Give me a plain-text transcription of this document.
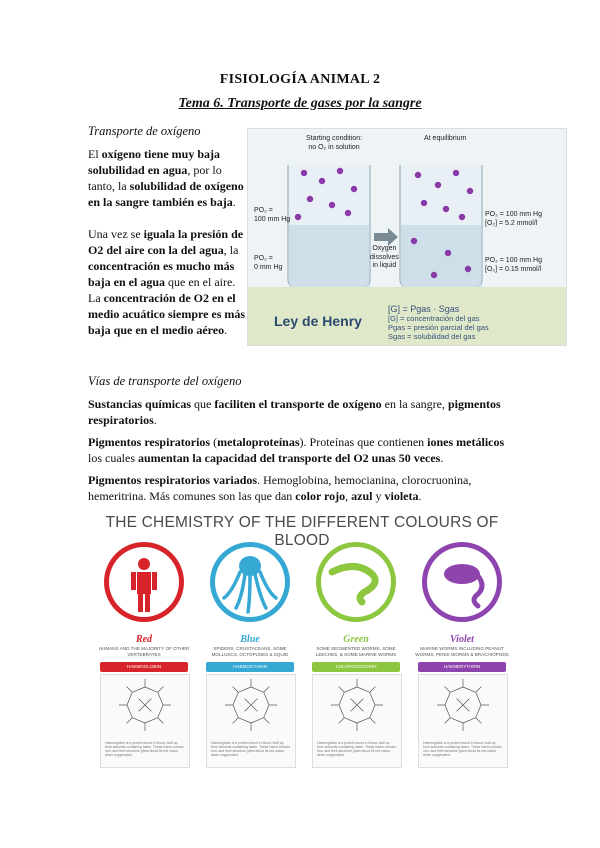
FISIOLOGÍA ANIMAL 2
Tema 6. Transporte de gases por la sangre
Transporte de oxígeno
El oxígeno tiene muy baja solubilidad en agua, por lo tanto, la solubilidad de oxígeno en la sangre también es baja.
Una vez se iguala la presión de O2 del aire con la del agua, la concentración es mucho más baja en el agua que en el aire. La concentración de O2 en el medio acuático siempre es más baja que en el medio aéreo.
Starting condition:
no O₂ in solution
At equilibrium
PO₂ =
100 mm Hg
PO₂ =
0 mm Hg
Oxygen
dissolves
in liquid
PO₂ = 100 mm Hg
[O₂] = 5.2 mmol/l
PO₂ = 100 mm Hg
[O₂] = 0.15 mmol/l
Ley de Henry
[G] = Pgas · Sgas
[G] = concentración del gas
Pgas = presión parcial del gas
Sgas = solubilidad del gas
Vías de transporte del oxígeno
Sustancias químicas que faciliten el transporte de oxígeno en la sangre, pigmentos respiratorios.
Pigmentos respiratorios (metaloproteínas). Proteínas que contienen iones metálicos los cuales aumentan la capacidad del transporte del O2 unas 50 veces.
Pigmentos respiratorios variados. Hemoglobina, hemocianina, clorocruonina, hemeritrina. Más comunes son las que dan color rojo, azul y violeta.
THE CHEMISTRY OF THE DIFFERENT COLOURS OF BLOOD
Red
HUMANS AND THE MAJORITY OF OTHER VERTEBRATES
HAEMOGLOBIN
Haemoglobin is a protein found in blood, built up from subunits containing haem. These haem contain iron, and their structure gives blood its red colour when oxygenated.
Blue
SPIDERS, CRUSTACEANS, SOME MOLLUSCS, OCTOPUSES & SQUID
HAEMOCYANIN
Haemoglobin is a protein found in blood, built up from subunits containing haem. These haem contain iron, and their structure gives blood its red colour when oxygenated.
Green
SOME SEGMENTED WORMS, SOME LEECHES, & SOME MARINE WORMS
CHLOROCRUORIN
Haemoglobin is a protein found in blood, built up from subunits containing haem. These haem contain iron, and their structure gives blood its red colour when oxygenated.
Violet
MARINE WORMS INCLUDING PEANUT WORMS, PENIS WORMS & BRACHIOPODS
HAEMERYTHRIN
Haemoglobin is a protein found in blood, built up from subunits containing haem. These haem contain iron, and their structure gives blood its red colour when oxygenated.
